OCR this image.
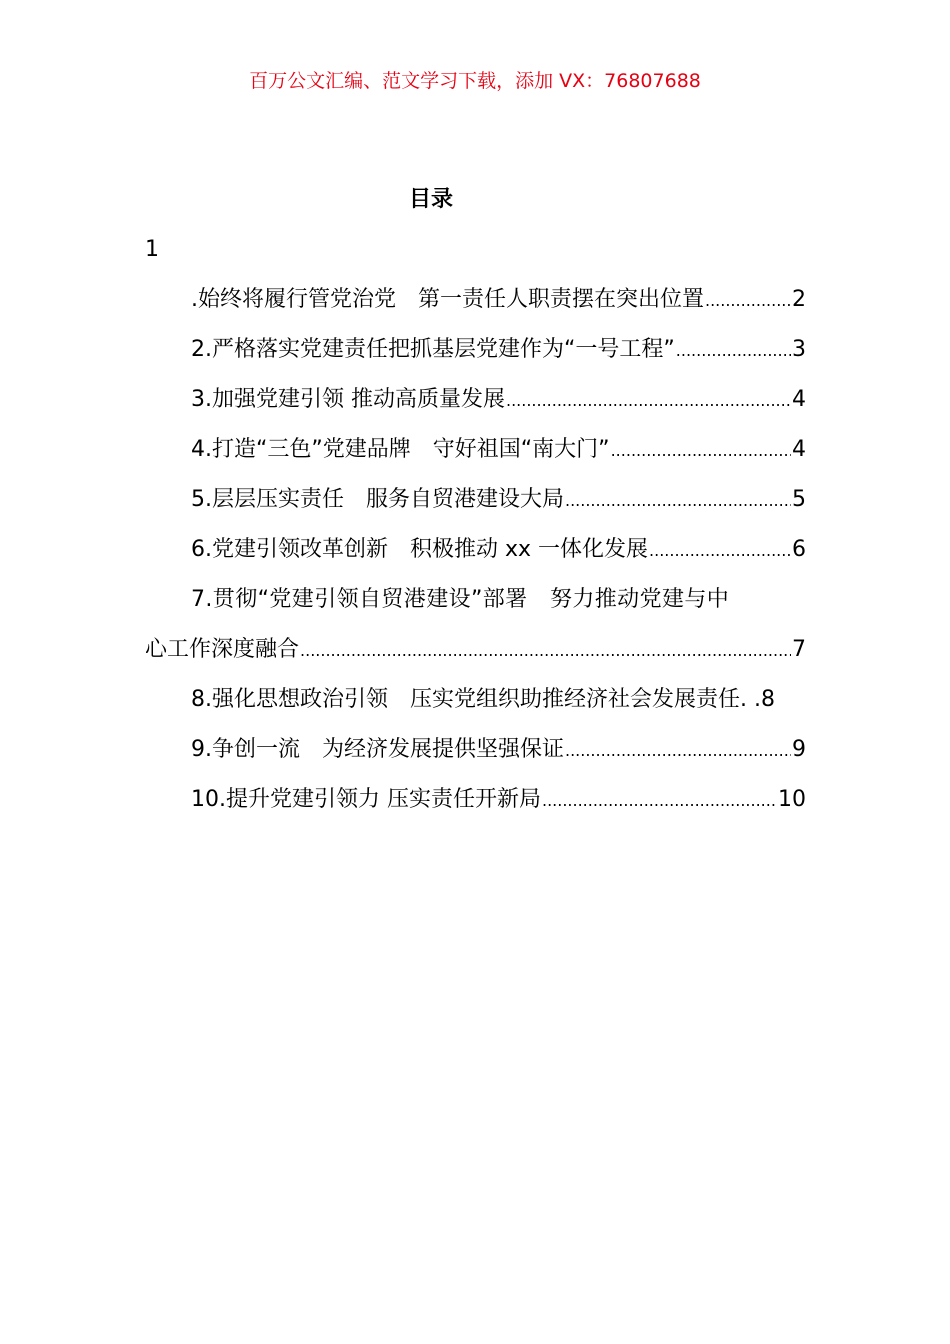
百万公文汇编、范文学习下载，添加 VX：76807688
目录
1
.始终将履行管党治党　第一责任人职责摆在突出位置 .....	2
2.严格落实党建责任把抓基层党建作为“一号工程” .....	3
3.加强党建引领 推动高质量发展 .....	4
4.打造“三色”党建品牌　守好祖国“南大门” .....	4
5.层层压实责任　服务自贸港建设大局 .....	5
6.党建引领改革创新　积极推动 xx 一体化发展 .....	6
7.贯彻“党建引领自贸港建设”部署　努力推动党建与中
心工作深度融合 .....	7
8.强化思想政治引领　压实党组织助推经济社会发展责任. . 8
9.争创一流　为经济发展提供坚强保证 .....	9
10.提升党建引领力 压实责任开新局 .....	10
